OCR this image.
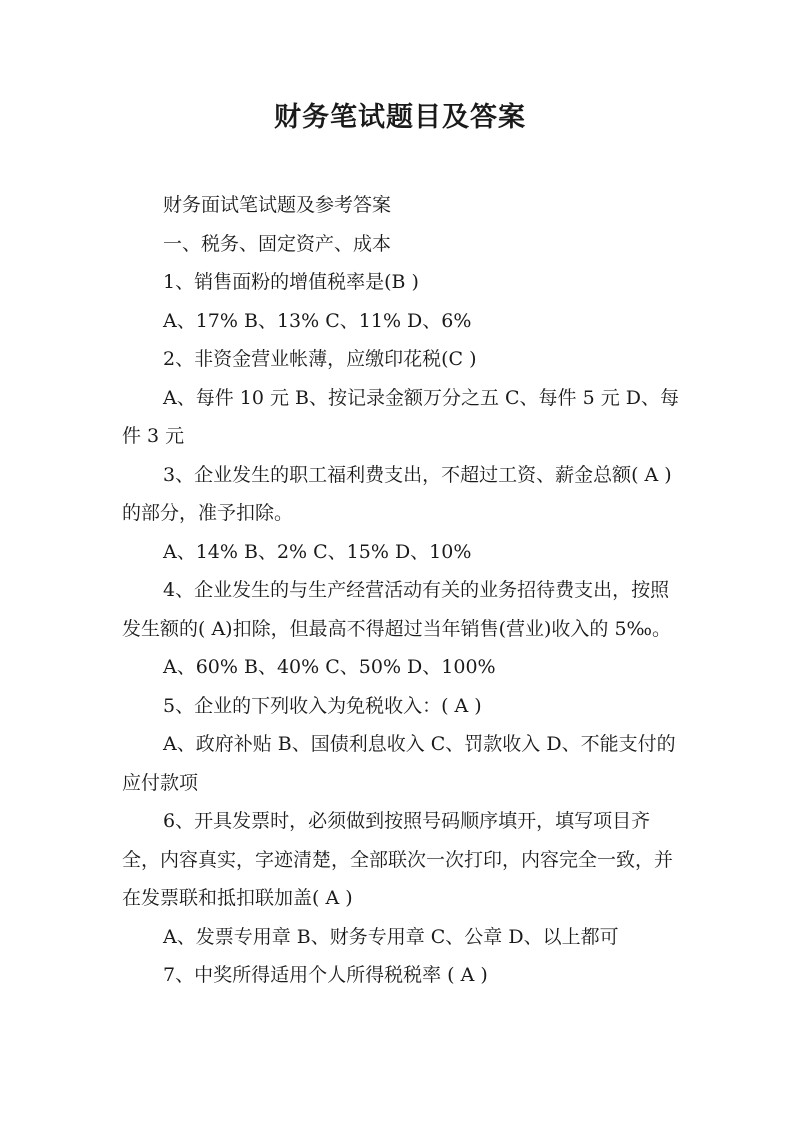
财务笔试题目及答案

财务面试笔试题及参考答案

一、税务、固定资产、成本

1、销售面粉的增值税率是(B )

A、17% B、13% C、11% D、6%

2、非资金营业帐薄，应缴印花税(C )

A、每件 10 元 B、按记录金额万分之五 C、每件 5 元 D、每件 3 元

3、企业发生的职工福利费支出，不超过工资、薪金总额( A )的部分，准予扣除。

A、14% B、2% C、15% D、10%

4、企业发生的与生产经营活动有关的业务招待费支出，按照发生额的( A)扣除，但最高不得超过当年销售(营业)收入的 5‰。

A、60% B、40% C、50% D、100%

5、企业的下列收入为免税收入：( A )

A、政府补贴 B、国债利息收入 C、罚款收入 D、不能支付的应付款项

6、开具发票时，必须做到按照号码顺序填开，填写项目齐全，内容真实，字迹清楚，全部联次一次打印，内容完全一致，并在发票联和抵扣联加盖( A )

A、发票专用章 B、财务专用章 C、公章 D、以上都可

7、中奖所得适用个人所得税税率 ( A )
